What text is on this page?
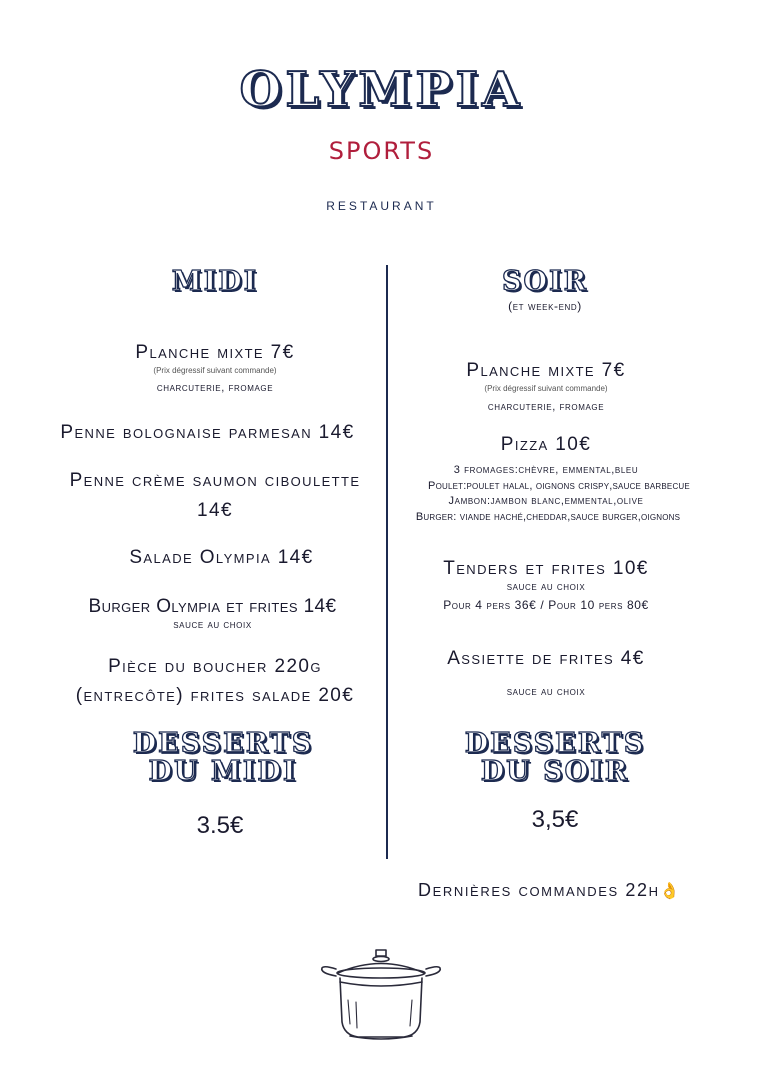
OLYMPIA
sports
restaurant
MIDI
Planche mixte 7€
(Prix dégressif suivant commande)
charcuterie, fromage
Penne bolognaise parmesan 14€
Penne crème saumon ciboulette
14€
Salade Olympia 14€
Burger Olympia et frites 14€
sauce au choix
Pièce du boucher 220g
(entrecôte) frites salade 20€
DESSERTS
DU MIDI
3.5€
SOIR
(et week-end)
Planche mixte 7€
(Prix dégressif suivant commande)
charcuterie, fromage
Pizza 10€
3 fromages:chèvre, emmental,bleu
Poulet:poulet halal, oignons crispy,sauce barbecue
Jambon:jambon blanc,emmental,olive
Burger: viande haché,cheddar,sauce burger,oignons
Tenders et frites 10€
sauce au choix
Pour 4 pers 36€ / Pour 10 pers 80€
Assiette de frites 4€
sauce au choix
DESSERTS
DU SOIR
3,5€
Dernières commandes 22h👌
